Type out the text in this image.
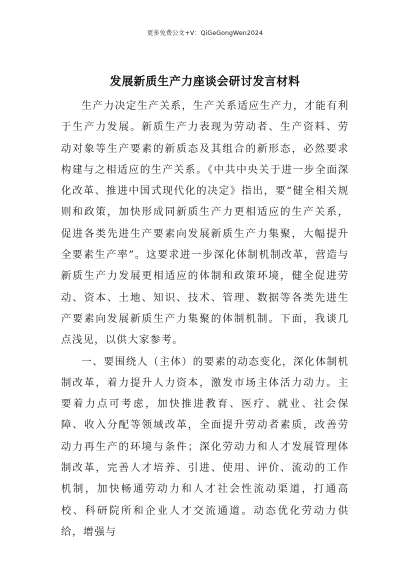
更多免费公文+V：QiGeGongWen2024
发展新质生产力座谈会研讨发言材料

生产力决定生产关系，生产关系适应生产力，才能有利于生产力发展。新质生产力表现为劳动者、生产资料、劳动对象等生产要素的新质态及其组合的新形态，必然要求构建与之相适应的生产关系。《中共中央关于进一步全面深化改革、推进中国式现代化的决定》指出，要“健全相关规则和政策，加快形成同新质生产力更相适应的生产关系，促进各类先进生产要素向发展新质生产力集聚，大幅提升全要素生产率”。这要求进一步深化体制机制改革，营造与新质生产力发展更相适应的体制和政策环境，健全促进劳动、资本、土地、知识、技术、管理、数据等各类先进生产要素向发展新质生产力集聚的体制机制。下面，我谈几点浅见，以供大家参考。

一、要围绕人（主体）的要素的动态变化，深化体制机制改革，着力提升人力资本，激发市场主体活力动力。主要着力点可考虑，加快推进教育、医疗、就业、社会保障、收入分配等领域改革，全面提升劳动者素质，改善劳动力再生产的环境与条件；深化劳动力和人才发展管理体制改革，完善人才培养、引进、使用、评价、流动的工作机制，加快畅通劳动力和人才社会性流动渠道，打通高校、科研院所和企业人才交流通道。动态优化劳动力供给，增强与
